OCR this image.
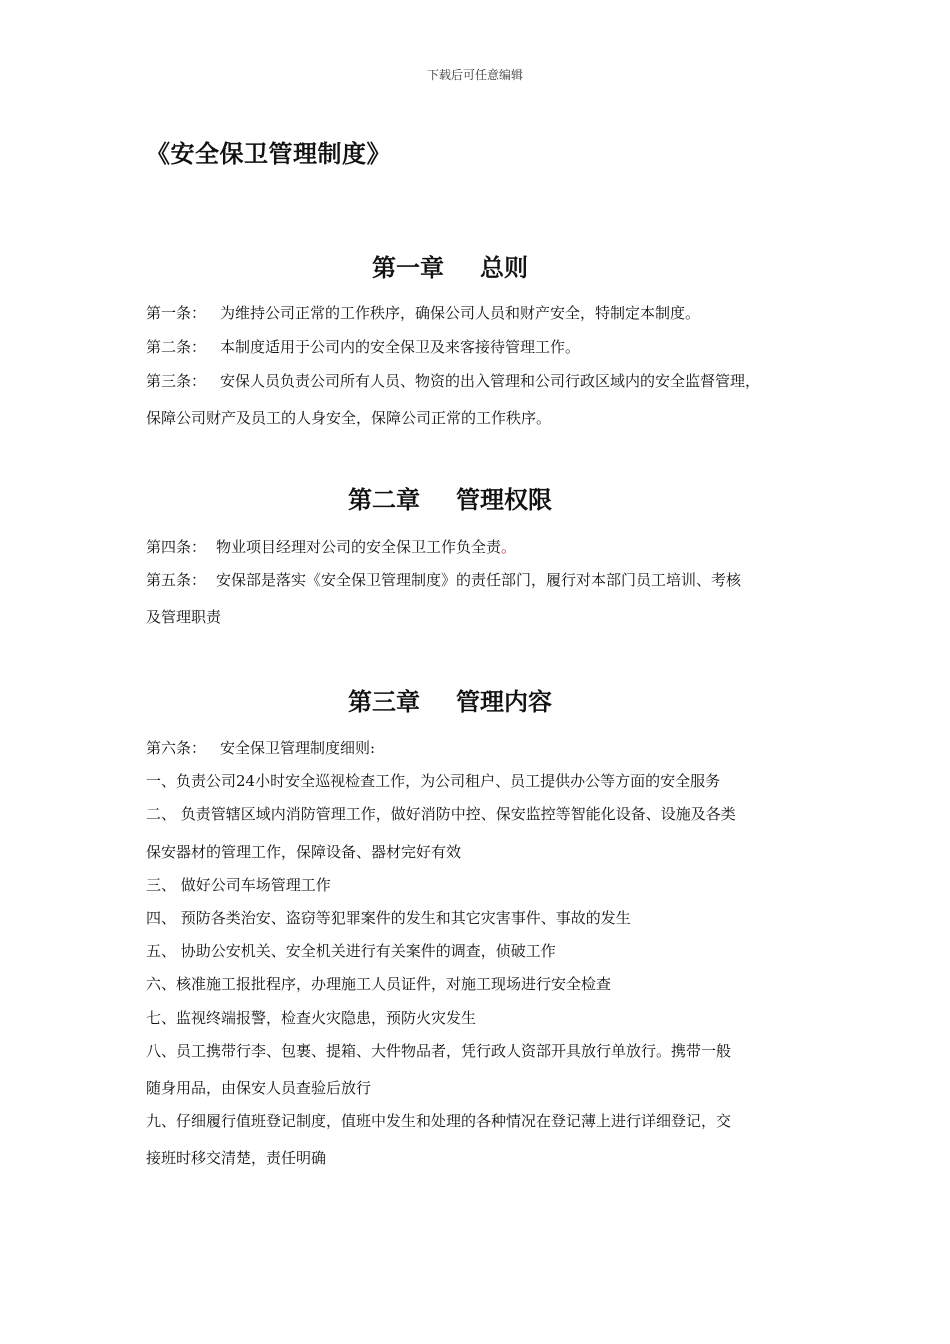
下载后可任意编辑
《安全保卫管理制度》
第一章 总则
第一条： 为维持公司正常的工作秩序，确保公司人员和财产安全，特制定本制度。
第二条： 本制度适用于公司内的安全保卫及来客接待管理工作。
第三条： 安保人员负责公司所有人员、物资的出入管理和公司行政区域内的安全监督管理，
保障公司财产及员工的人身安全，保障公司正常的工作秩序。
第二章 管理权限
第四条： 物业项目经理对公司的安全保卫工作负全责。
第五条： 安保部是落实《安全保卫管理制度》的责任部门，履行对本部门员工培训、考核
及管理职责
第三章 管理内容
第六条： 安全保卫管理制度细则:
一、负责公司24小时安全巡视检查工作，为公司租户、员工提供办公等方面的安全服务
二、 负责管辖区域内消防管理工作，做好消防中控、保安监控等智能化设备、设施及各类
保安器材的管理工作，保障设备、器材完好有效
三、 做好公司车场管理工作
四、 预防各类治安、盗窃等犯罪案件的发生和其它灾害事件、事故的发生
五、 协助公安机关、安全机关进行有关案件的调查，侦破工作
六、核准施工报批程序，办理施工人员证件，对施工现场进行安全检查
七、监视终端报警，检查火灾隐患，预防火灾发生
八、员工携带行李、包裹、提箱、大件物品者，凭行政人资部开具放行单放行。携带一般
随身用品，由保安人员查验后放行
九、仔细履行值班登记制度，值班中发生和处理的各种情况在登记薄上进行详细登记，交
接班时移交清楚，责任明确
